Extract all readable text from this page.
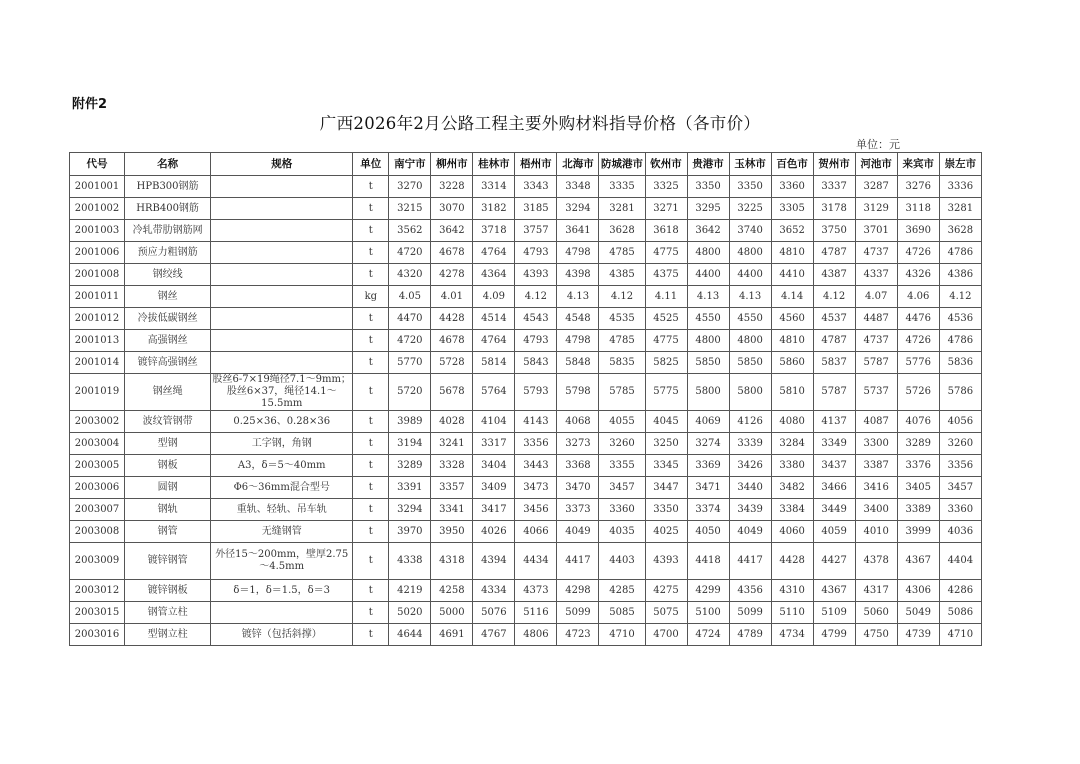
附件2
广西2026年2月公路工程主要外购材料指导价格（各市价）
单位：元
代号	名称	规格	单位	南宁市	柳州市	桂林市	梧州市	北海市	防城港市	钦州市	贵港市	玉林市	百色市	贺州市	河池市	来宾市	崇左市
2001001	HPB300钢筋		t	3270	3228	3314	3343	3348	3335	3325	3350	3350	3360	3337	3287	3276	3336
2001002	HRB400钢筋		t	3215	3070	3182	3185	3294	3281	3271	3295	3225	3305	3178	3129	3118	3281
2001003	冷轧带肋钢筋网		t	3562	3642	3718	3757	3641	3628	3618	3642	3740	3652	3750	3701	3690	3628
2001006	预应力粗钢筋		t	4720	4678	4764	4793	4798	4785	4775	4800	4800	4810	4787	4737	4726	4786
2001008	钢绞线		t	4320	4278	4364	4393	4398	4385	4375	4400	4400	4410	4387	4337	4326	4386
2001011	钢丝		kg	4.05	4.01	4.09	4.12	4.13	4.12	4.11	4.13	4.13	4.14	4.12	4.07	4.06	4.12
2001012	冷拔低碳钢丝		t	4470	4428	4514	4543	4548	4535	4525	4550	4550	4560	4537	4487	4476	4536
2001013	高强钢丝		t	4720	4678	4764	4793	4798	4785	4775	4800	4800	4810	4787	4737	4726	4786
2001014	镀锌高强钢丝		t	5770	5728	5814	5843	5848	5835	5825	5850	5850	5860	5837	5787	5776	5836
2001019	钢丝绳	股丝6-7×19绳径7.1～9mm；股丝6×37，绳径14.1～15.5mm	t	5720	5678	5764	5793	5798	5785	5775	5800	5800	5810	5787	5737	5726	5786
2003002	波纹管钢带	0.25×36、0.28×36	t	3989	4028	4104	4143	4068	4055	4045	4069	4126	4080	4137	4087	4076	4056
2003004	型钢	工字钢，角钢	t	3194	3241	3317	3356	3273	3260	3250	3274	3339	3284	3349	3300	3289	3260
2003005	钢板	A3，δ＝5～40mm	t	3289	3328	3404	3443	3368	3355	3345	3369	3426	3380	3437	3387	3376	3356
2003006	圆钢	Φ6～36mm混合型号	t	3391	3357	3409	3473	3470	3457	3447	3471	3440	3482	3466	3416	3405	3457
2003007	钢轨	重轨、轻轨、吊车轨	t	3294	3341	3417	3456	3373	3360	3350	3374	3439	3384	3449	3400	3389	3360
2003008	钢管	无缝钢管	t	3970	3950	4026	4066	4049	4035	4025	4050	4049	4060	4059	4010	3999	4036
2003009	镀锌钢管	外径15～200mm，壁厚2.75～4.5mm	t	4338	4318	4394	4434	4417	4403	4393	4418	4417	4428	4427	4378	4367	4404
2003012	镀锌钢板	δ＝1，δ＝1.5，δ＝3	t	4219	4258	4334	4373	4298	4285	4275	4299	4356	4310	4367	4317	4306	4286
2003015	钢管立柱		t	5020	5000	5076	5116	5099	5085	5075	5100	5099	5110	5109	5060	5049	5086
2003016	型钢立柱	镀锌（包括斜撑）	t	4644	4691	4767	4806	4723	4710	4700	4724	4789	4734	4799	4750	4739	4710
